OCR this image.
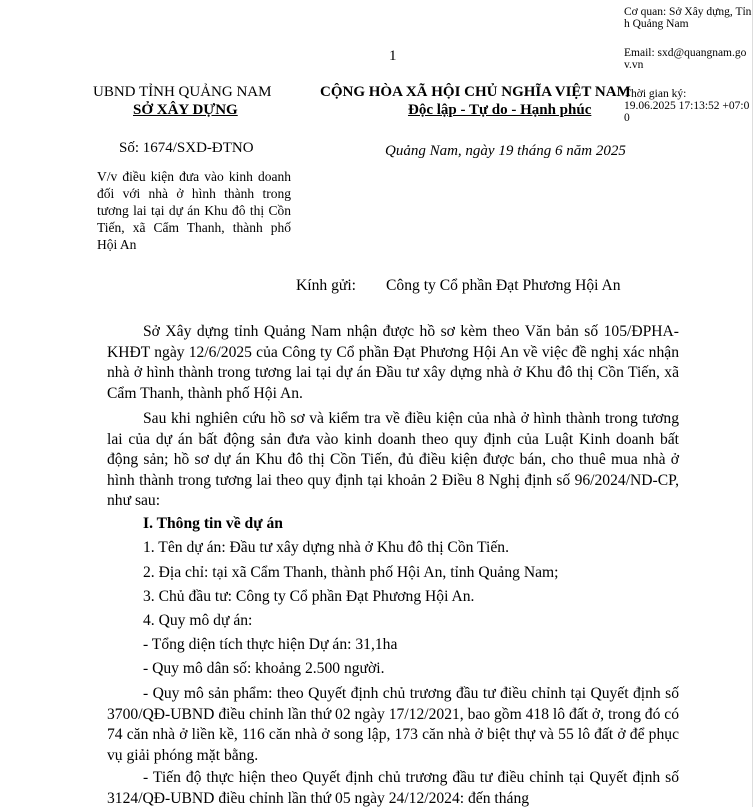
Cơ quan: Sở Xây dựng, Tỉnh Quảng Nam
Email: sxd@quangnam.gov.vn
Thời gian ký:
19.06.2025 17:13:52 +07:00
1
UBND TỈNH QUẢNG NAM
SỞ XÂY DỰNG
Số: 1674/SXD-ĐTNO
V/v điều kiện đưa vào kinh doanh đối với nhà ở hình thành trong tương lai tại dự án Khu đô thị Cồn Tiến, xã Cẩm Thanh, thành phố Hội An
CỘNG HÒA XÃ HỘI CHỦ NGHĨA VIỆT NAM
Độc lập - Tự do - Hạnh phúc
Quảng Nam, ngày 19 tháng 6 năm 2025
Kính gửi: Công ty Cổ phần Đạt Phương Hội An
Sở Xây dựng tỉnh Quảng Nam nhận được hồ sơ kèm theo Văn bản số 105/ĐPHA-KHĐT ngày 12/6/2025 của Công ty Cổ phần Đạt Phương Hội An về việc đề nghị xác nhận nhà ở hình thành trong tương lai tại dự án Đầu tư xây dựng nhà ở Khu đô thị Cồn Tiến, xã Cẩm Thanh, thành phố Hội An.
Sau khi nghiên cứu hồ sơ và kiểm tra về điều kiện của nhà ở hình thành trong tương lai của dự án bất động sản đưa vào kinh doanh theo quy định của Luật Kinh doanh bất động sản; hồ sơ dự án Khu đô thị Cồn Tiến, đủ điều kiện được bán, cho thuê mua nhà ở hình thành trong tương lai theo quy định tại khoản 2 Điều 8 Nghị định số 96/2024/ND-CP, như sau:
I. Thông tin về dự án
1. Tên dự án: Đầu tư xây dựng nhà ở Khu đô thị Cồn Tiến.
2. Địa chỉ: tại xã Cẩm Thanh, thành phố Hội An, tỉnh Quảng Nam;
3. Chủ đầu tư: Công ty Cổ phần Đạt Phương Hội An.
4. Quy mô dự án:
- Tổng diện tích thực hiện Dự án: 31,1ha
- Quy mô dân số: khoảng 2.500 người.
- Quy mô sản phẩm: theo Quyết định chủ trương đầu tư điều chỉnh tại Quyết định số 3700/QĐ-UBND điều chỉnh lần thứ 02 ngày 17/12/2021, bao gồm 418 lô đất ở, trong đó có 74 căn nhà ở liền kề, 116 căn nhà ở song lập, 173 căn nhà ở biệt thự và 55 lô đất ở để phục vụ giải phóng mặt bằng.
- Tiến độ thực hiện theo Quyết định chủ trương đầu tư điều chỉnh tại Quyết định số 3124/QĐ-UBND điều chỉnh lần thứ 05 ngày 24/12/2024: đến tháng
